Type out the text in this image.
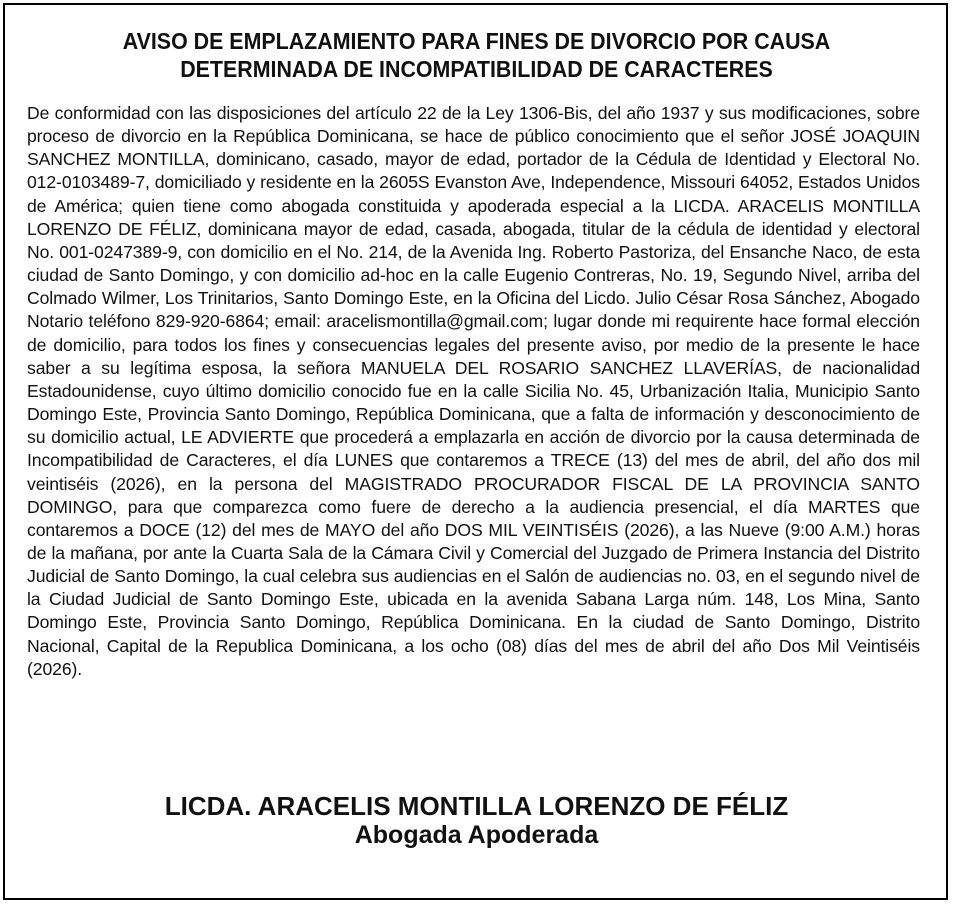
AVISO DE EMPLAZAMIENTO PARA FINES DE DIVORCIO POR CAUSA
DETERMINADA DE INCOMPATIBILIDAD DE CARACTERES

De conformidad con las disposiciones del artículo 22 de la Ley 1306-Bis, del año 1937 y sus modificaciones, sobre proceso de divorcio en la República Dominicana, se hace de público conocimiento que el señor JOSÉ JOAQUIN SANCHEZ MONTILLA, dominicano, casado, mayor de edad, portador de la Cédula de Identidad y Electoral No. 012-0103489-7, domiciliado y residente en la 2605S Evanston Ave, Independence, Missouri 64052, Estados Unidos de América; quien tiene como abogada constituida y apoderada especial a la LICDA. ARACELIS MONTILLA LORENZO DE FÉLIZ, dominicana mayor de edad, casada, abogada, titular de la cédula de identidad y electoral No. 001-0247389-9, con domicilio en el No. 214, de la Avenida Ing. Roberto Pastoriza, del Ensanche Naco, de esta ciudad de Santo Domingo, y con domicilio ad-hoc en la calle Eugenio Contreras, No. 19, Segundo Nivel, arriba del Colmado Wilmer, Los Trinitarios, Santo Domingo Este, en la Oficina del Licdo. Julio César Rosa Sánchez, Abogado Notario teléfono 829-920-6864; email: aracelismontilla@gmail.com; lugar donde mi requirente hace formal elección de domicilio, para todos los fines y consecuencias legales del presente aviso, por medio de la presente le hace saber a su legítima esposa, la señora MANUELA DEL ROSARIO SANCHEZ LLAVERÍAS, de nacionalidad Estadounidense, cuyo último domicilio conocido fue en la calle Sicilia No. 45, Urbanización Italia, Municipio Santo Domingo Este, Provincia Santo Domingo, República Dominicana, que a falta de información y desconocimiento de su domicilio actual, LE ADVIERTE que procederá a emplazarla en acción de divorcio por la causa determinada de Incompatibilidad de Caracteres, el día LUNES que contaremos a TRECE (13) del mes de abril, del año dos mil veintiséis (2026), en la persona del MAGISTRADO PROCURADOR FISCAL DE LA PROVINCIA SANTO DOMINGO, para que comparezca como fuere de derecho a la audiencia presencial, el día MARTES que contaremos a DOCE (12) del mes de MAYO del año DOS MIL VEINTISÉIS (2026), a las Nueve (9:00 A.M.) horas de la mañana, por ante la Cuarta Sala de la Cámara Civil y Comercial del Juzgado de Primera Instancia del Distrito Judicial de Santo Domingo, la cual celebra sus audiencias en el Salón de audiencias no. 03, en el segundo nivel de la Ciudad Judicial de Santo Domingo Este, ubicada en la avenida Sabana Larga núm. 148, Los Mina, Santo Domingo Este, Provincia Santo Domingo, República Dominicana. En la ciudad de Santo Domingo, Distrito Nacional, Capital de la Republica Dominicana, a los ocho (08) días del mes de abril del año Dos Mil Veintiséis (2026).

LICDA. ARACELIS MONTILLA LORENZO DE FÉLIZ
Abogada Apoderada
